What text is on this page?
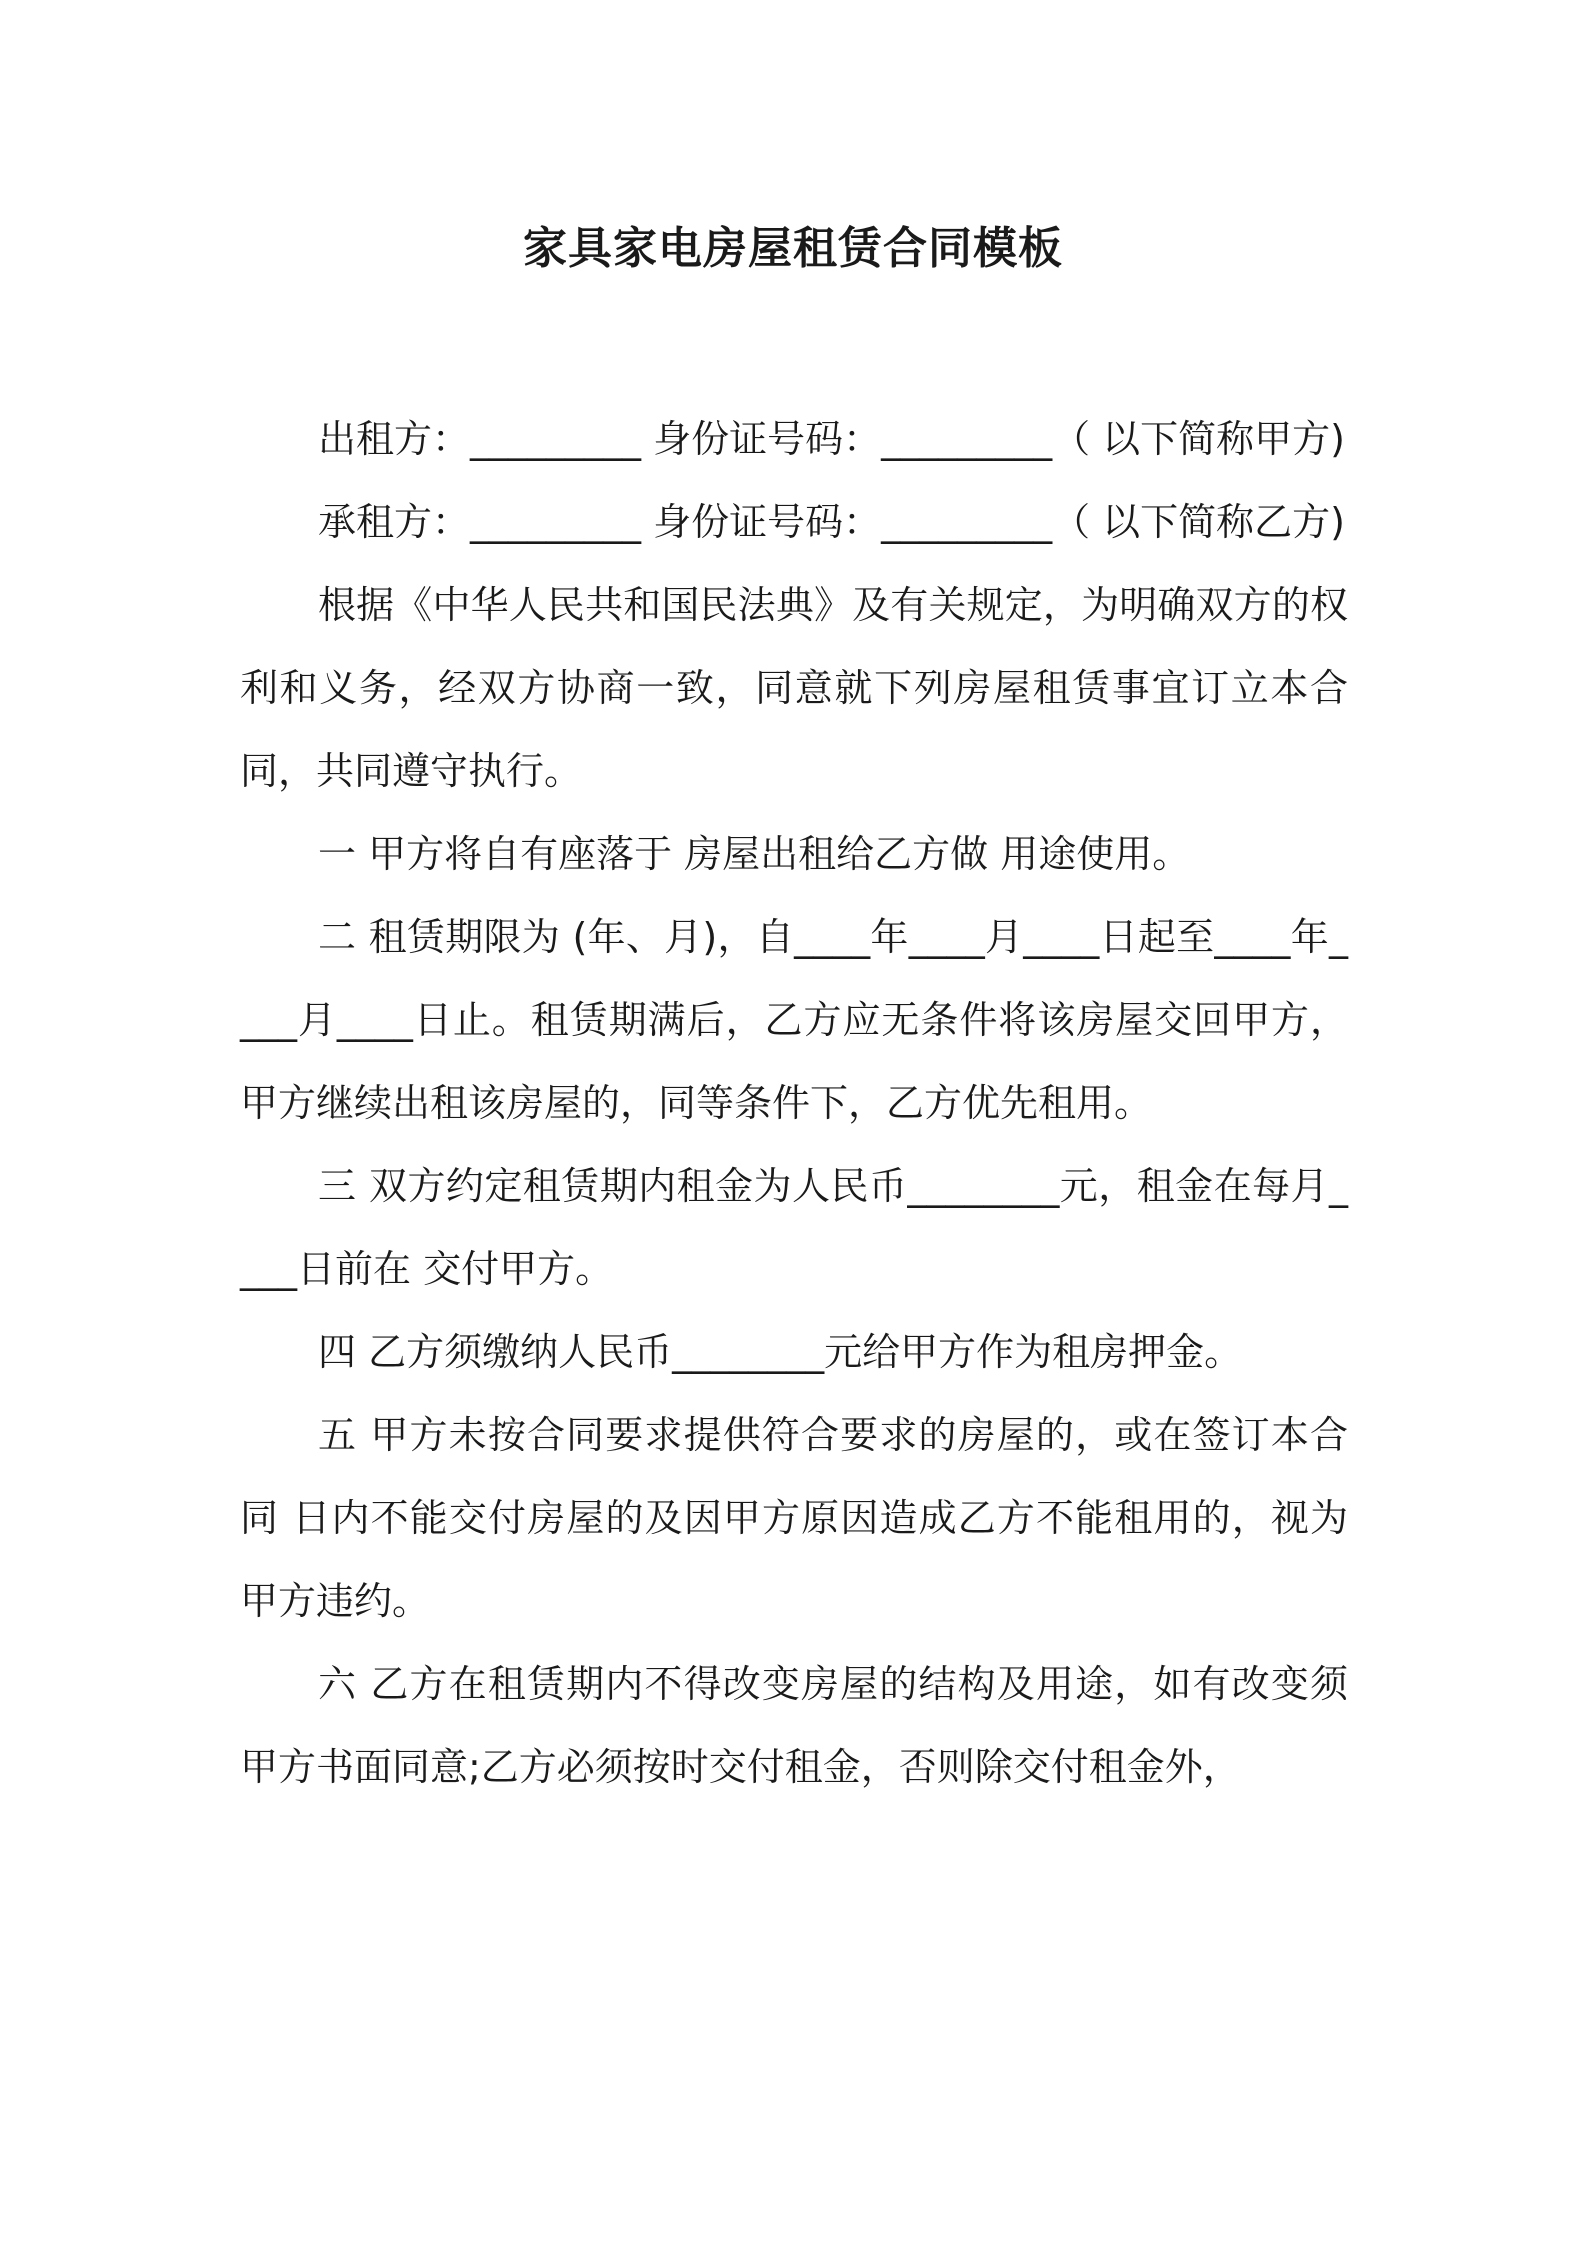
家具家电房屋租赁合同模板

出租方：_________ 身份证号码：_________（ 以下简称甲方)

承租方：_________ 身份证号码：_________（ 以下简称乙方)

根据《中华人民共和国民法典》及有关规定，为明确双方的权利和义务，经双方协商一致，同意就下列房屋租赁事宜订立本合同，共同遵守执行。

一 甲方将自有座落于 房屋出租给乙方做 用途使用。

二 租赁期限为 (年、月)，自____年____月____日起至____年____月____日止。租赁期满后，乙方应无条件将该房屋交回甲方，甲方继续出租该房屋的，同等条件下，乙方优先租用。

三 双方约定租赁期内租金为人民币________元，租金在每月____日前在 交付甲方。

四 乙方须缴纳人民币________元给甲方作为租房押金。

五 甲方未按合同要求提供符合要求的房屋的，或在签订本合同 日内不能交付房屋的及因甲方原因造成乙方不能租用的，视为甲方违约。

六 乙方在租赁期内不得改变房屋的结构及用途，如有改变须甲方书面同意;乙方必须按时交付租金，否则除交付租金外，
